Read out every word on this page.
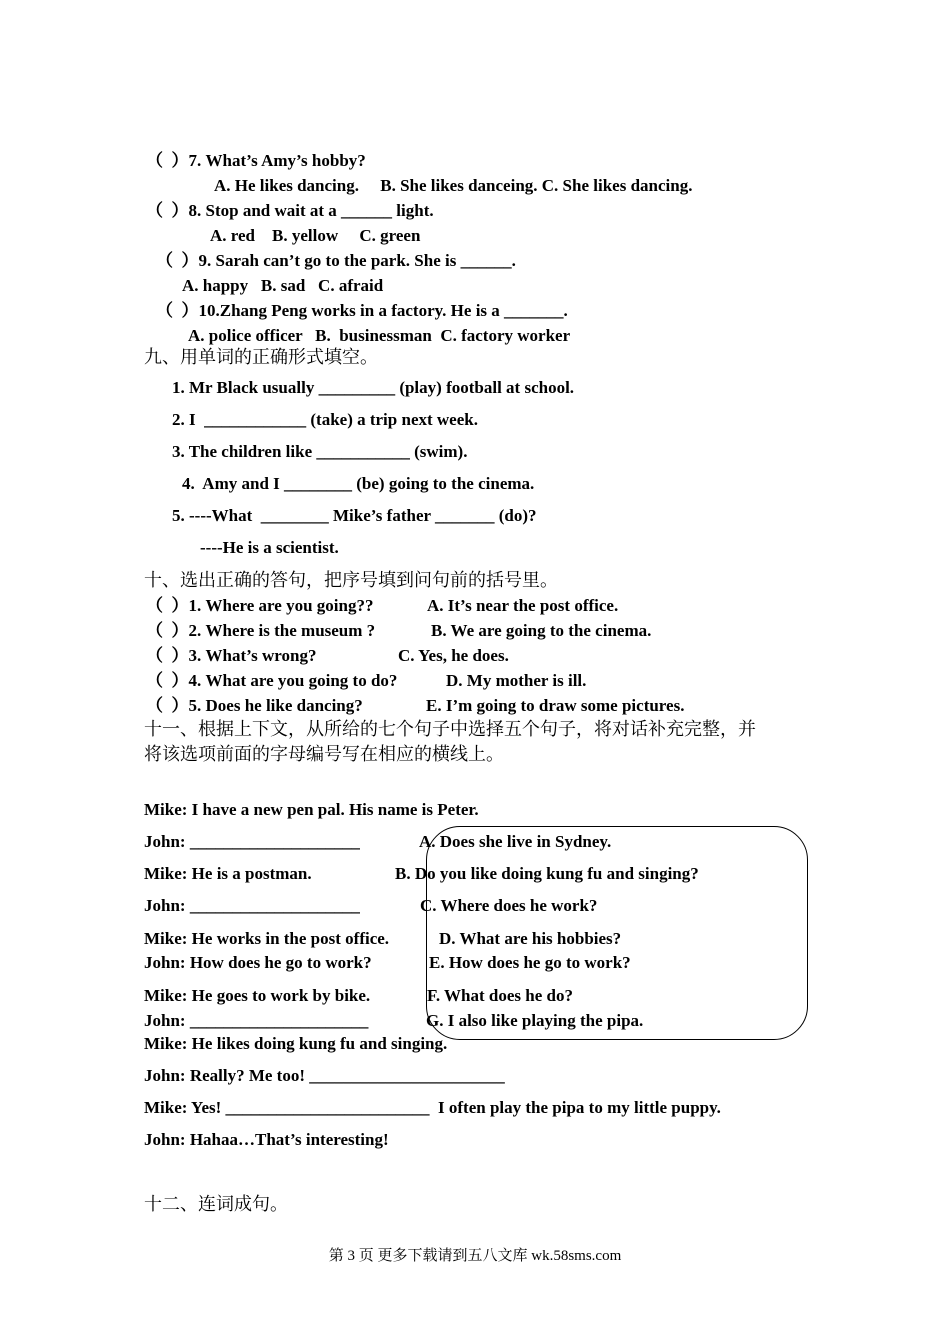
（  ）7. What’s Amy’s hobby?
A. He likes dancing.     B. She likes danceing. C. She likes dancing.
（  ）8. Stop and wait at a ______ light.
A. red    B. yellow     C. green
（  ）9. Sarah can’t go to the park. She is ______.
A. happy   B. sad   C. afraid
（  ）10.Zhang Peng works in a factory. He is a _______.
A. police officer   B.  businessman  C. factory worker
九、用单词的正确形式填空。
1. Mr Black usually _________ (play) football at school.
2. I  ____________ (take) a trip next week.
3. The children like ___________ (swim).
4.  Amy and I ________ (be) going to the cinema.
5. ----What  ________ Mike’s father _______ (do)?
----He is a scientist.
十、选出正确的答句，把序号填到问句前的括号里。
（  ）1. Where are you going??	A. It’s near the post office.
（  ）2. Where is the museum ?	B. We are going to the cinema.
（  ）3. What’s wrong?	C. Yes, he does.
（  ）4. What are you going to do?	D. My mother is ill.
（  ）5. Does he like dancing?	E. I’m going to draw some pictures.
十一、根据上下文，从所给的七个句子中选择五个句子，将对话补充完整，并
将该选项前面的字母编号写在相应的横线上。
Mike: I have a new pen pal. His name is Peter.
John: ____________________	A. Does she live in Sydney.
Mike: He is a postman.	B. Do you like doing kung fu and singing?
John: ____________________	C. Where does he work?
Mike: He works in the post office.	D. What are his hobbies?
John: How does he go to work?	E. How does he go to work?
Mike: He goes to work by bike.	F. What does he do?
John: _____________________	G. I also like playing the pipa.
Mike: He likes doing kung fu and singing.
John: Really? Me too! _______________________
Mike: Yes! ________________________  I often play the pipa to my little puppy.
John: Hahaa…That’s interesting!
十二、连词成句。
第 3 页 更多下载请到五八文库 wk.58sms.com
